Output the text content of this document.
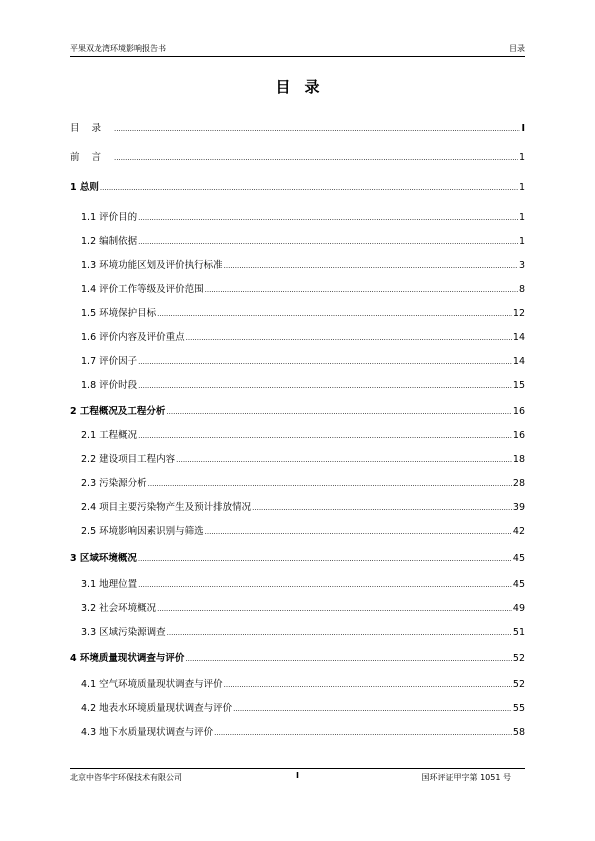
平果双龙湾环境影响报告书	目录
目录
目录 .....	I
前言 .....	1
1 总则 .....	1
1.1 评价目的 .....	1
1.2 编制依据 .....	1
1.3 环境功能区划及评价执行标准 .....	3
1.4 评价工作等级及评价范围 .....	8
1.5 环境保护目标 .....	12
1.6 评价内容及评价重点 .....	14
1.7 评价因子 .....	14
1.8 评价时段 .....	15
2 工程概况及工程分析 .....	16
2.1 工程概况 .....	16
2.2 建设项目工程内容 .....	18
2.3 污染源分析 .....	28
2.4 项目主要污染物产生及预计排放情况 .....	39
2.5 环境影响因素识别与筛选 .....	42
3 区域环境概况 .....	45
3.1 地理位置 .....	45
3.2 社会环境概况 .....	49
3.3 区域污染源调查 .....	51
4 环境质量现状调查与评价 .....	52
4.1 空气环境质量现状调查与评价 .....	52
4.2 地表水环境质量现状调查与评价 .....	55
4.3 地下水质量现状调查与评价 .....	58
北京中咨华宇环保技术有限公司	I	国环评证甲字第 1051 号
